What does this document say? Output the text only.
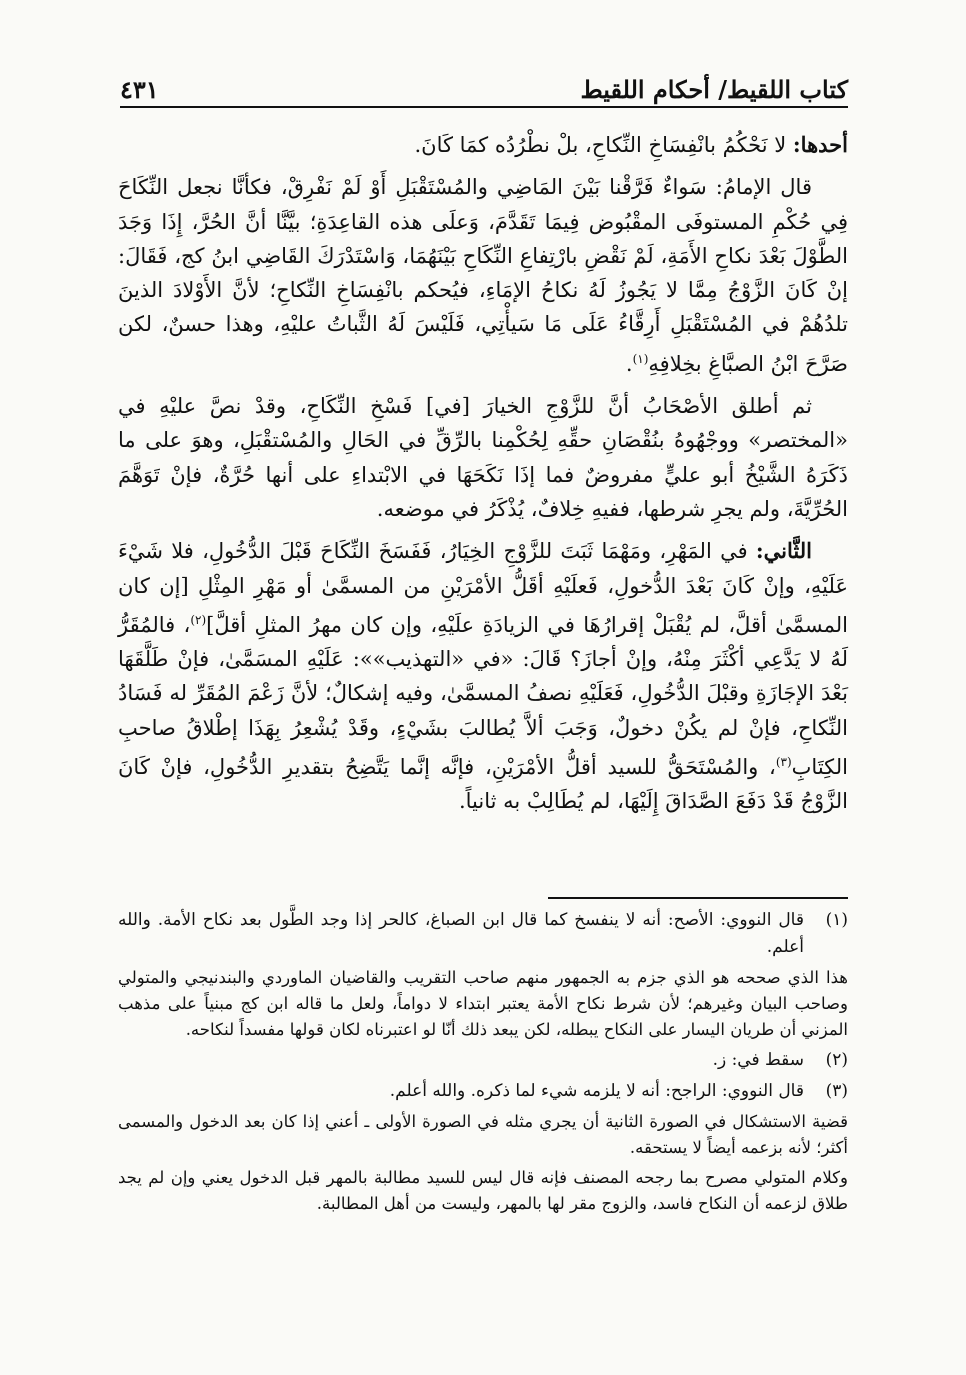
كتاب اللقيط/ أحكام اللقيط
٤٣١

أحدها: لا نَحْكُمُ بانْفِسَاخِ النِّكاحِ، بلْ نطْرُدُه كمَا كَانَ.

قال الإمامُ: سَواءٌ فَرَّقْنا بَيْنَ المَاضِي والمُسْتَقْبَلِ أَوْ لَمْ نَفْرِقْ، فكأنَّا نجعل النِّكَاحَ فِي حُكْمِ المستوفَى المقْبُوض فِيمَا تَقَدَّمَ، وَعلَى هذه القاعِدَةِ؛ بيَّنَّا أنَّ الحُرَّ، إِذَا وَجَدَ الطَّوْلَ بَعْدَ نكاحِ الأَمَةِ، لَمْ نَقْضِ بارْتِفاعِ النِّكَاحِ بَيْنَهُمَا، وَاسْتَدْرَكَ القَاضِي ابنُ كج، فَقَالَ: إنْ كَانَ الزَّوْجُ مِمَّا لا يَجُوزُ لَهُ نكاحُ الإمَاءِ، فيُحكم بانْفِسَاخِ النِّكاحِ؛ لأنَّ الأَوْلادَ الذينَ تلدُهُمْ في المُسْتَقْبَلِ أَرِقَّاءُ عَلَى مَا سَيأْتِي، فَلَيْسَ لَهُ الثَّباتُ عليْهِ، وهذا حسنٌ، لكن صَرَّحَ ابْنُ الصبَّاغِ بخِلافِهِ$^{(١)}$.

ثم أطلق الأصْحَابُ أنَّ للزَّوْجِ الخيارَ [في] فَسْخِ النِّكَاحِ، وقدْ نصَّ عليْهِ في «المختصر» ووجْهُوهُ بنُقْصَانِ حقِّهِ لِحُكْمِنا بالرِّقِّ في الحَالِ والمُسْتقْبَلِ، وهوَ على ما ذَكَرَهُ الشَّيْخُ أبو عليٍّ مفروضٌ فما إذَا نَكَحَهَا في الابْتداءِ على أنها حُرَّةٌ، فإنْ تَوَهَّمَ الحُرِّيَّةَ، ولم يجرِ شرطها، ففيهِ خِلافٌ، يُذْكَرُ في موضعه.

الثَّاني: في المَهْرِ، ومَهْمَا ثَبَتَ للزَّوْجِ الخِيَارُ، فَفَسَخَ النِّكَاحَ قَبْلَ الدُّخُولِ، فلا شَيْءَ عَلَيْهِ، وإنْ كَانَ بَعْدَ الدُّخولِ، فَعلَيْهِ أقَلُّ الأمْرَيْنِ من المسمَّىٰ أو مَهْرِ المِثْلِ [إن كان المسمَّىٰ أقلَّ، لم يُقْبَلْ إقرارُهَا في الزيادَةِ علَيْهِ، وإن كان مهرُ المثلِ أقلَّ]$^{(٢)}$، فالمُقَرُّ لَهُ لا يَدَّعِي أكْثَرَ مِنْهُ، وإنْ أجازَ؟ قَالَ: «في «التهذيب»»: عَلَيْهِ المسَمَّىٰ، فإنْ طَلَّقَهَا بَعْدَ الإجَازَةِ وقبْلَ الدُّخُولِ، فَعَلَيْهِ نصفُ المسمَّىٰ، وفيه إشكالٌ؛ لأنَّ زَعْمَ المُقَرِّ له فَسَادُ النِّكاحِ، فإنْ لم يكُنْ دخولٌ، وَجَبَ ألاَّ يُطالبَ بشَيْءٍ، وقَدْ يُشْعِرُ بِهَذَا إطْلاقُ صاحبِ الكِتَابِ$^{(٣)}$، والمُسْتَحَقُّ للسيد أقلُّ الأمْرَيْنِ، فإنَّه إنَّما يَتَّضِحُ بتقديرِ الدُّخُولِ، فإنْ كَانَ الزَّوْجُ قَدْ دَفَعَ الصَّدَاقَ إِلَيْهَا، لم يُطَالِبْ به ثانياً.

(١)
قال النووي: الأصح: أنه لا ينفسخ كما قال ابن الصباغ، كالحر إذا وجد الطَّول بعد نكاح الأمة. والله أعلم.
هذا الذي صححه هو الذي جزم به الجمهور منهم صاحب التقريب والقاضيان الماوردي والبندنيجي والمتولي وصاحب البيان وغيرهم؛ لأن شرط نكاح الأمة يعتبر ابتداء لا دواماً، ولعل ما قاله ابن كج مبنياً على مذهب المزني أن طريان اليسار على النكاح يبطله، لكن يبعد ذلك أنّا لو اعتبرناه لكان قولها مفسداً لنكاحه.
(٢)
سقط في: ز.
(٣)
قال النووي: الراجح: أنه لا يلزمه شيء لما ذكره. والله أعلم.
قضية الاستشكال في الصورة الثانية أن يجري مثله في الصورة الأولى ـ أعني إذا كان بعد الدخول والمسمى أكثر؛ لأنه بزعمه أيضاً لا يستحقه.
وكلام المتولي مصرح بما رجحه المصنف فإنه قال ليس للسيد مطالبة بالمهر قبل الدخول يعني وإن لم يجد طلاق لزعمه أن النكاح فاسد، والزوج مقر لها بالمهر، وليست من أهل المطالبة.
